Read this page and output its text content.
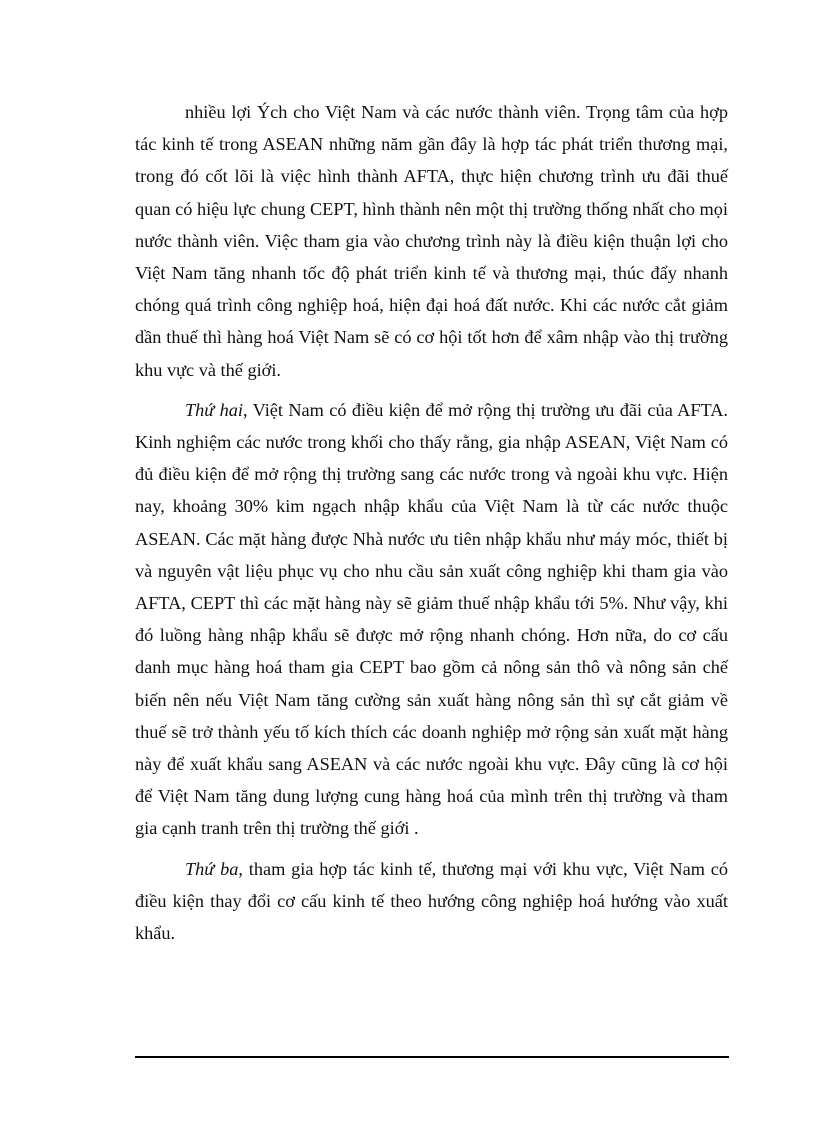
nhiều lợi Ých cho Việt Nam và các nước thành viên. Trọng tâm của hợp tác kinh tế trong ASEAN những năm gần đây là hợp tác phát triển thương mại, trong đó cốt lõi là việc hình thành AFTA, thực hiện chương trình ưu đãi thuế quan có hiệu lực chung CEPT, hình thành nên một thị trường thống nhất cho mọi nước thành viên. Việc tham gia vào chương trình này là điều kiện thuận lợi cho Việt Nam tăng nhanh tốc độ phát triển kinh tế và thương mại, thúc đẩy nhanh chóng quá trình công nghiệp hoá, hiện đại hoá đất nước. Khi các nước cắt giảm dần thuế thì hàng hoá Việt Nam sẽ có cơ hội tốt hơn để xâm nhập vào thị trường khu vực và thế giới.

Thứ hai, Việt Nam có điều kiện để mở rộng thị trường ưu đãi của AFTA. Kinh nghiệm các nước trong khối cho thấy rằng, gia nhập ASEAN, Việt Nam có đủ điều kiện để mở rộng thị trường sang các nước trong và ngoài khu vực. Hiện nay, khoảng 30% kim ngạch nhập khẩu của Việt Nam là từ các nước thuộc ASEAN. Các mặt hàng được Nhà nước ưu tiên nhập khẩu như máy móc, thiết bị và nguyên vật liệu phục vụ cho nhu cầu sản xuất công nghiệp khi tham gia vào AFTA, CEPT thì các mặt hàng này sẽ giảm thuế nhập khẩu tới 5%. Như vậy, khi đó luồng hàng nhập khẩu sẽ được mở rộng nhanh chóng. Hơn nữa, do cơ cấu danh mục hàng hoá tham gia CEPT bao gồm cả nông sản thô và nông sản chế biến nên nếu Việt Nam tăng cường sản xuất hàng nông sản thì sự cắt giảm về thuế sẽ trở thành yếu tố kích thích các doanh nghiệp mở rộng sản xuất mặt hàng này để xuất khẩu sang ASEAN và các nước ngoài khu vực. Đây cũng là cơ hội để Việt Nam tăng dung lượng cung hàng hoá của mình trên thị trường và tham gia cạnh tranh trên thị trường thế giới .

Thứ ba, tham gia hợp tác kinh tế, thương mại với khu vực, Việt Nam có điều kiện thay đổi cơ cấu kinh tế theo hướng công nghiệp hoá hướng vào xuất khẩu.
